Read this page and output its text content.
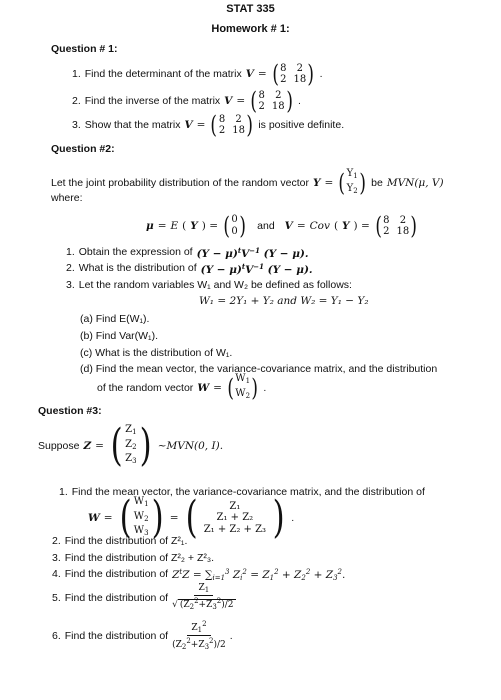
STAT 335
Homework # 1:
Question # 1:
1. Find the determinant of the matrix V = ( 8	2
2 18 ) .
2. Find the inverse of the matrix V = ( 8	2
2 18 ) .
3. Show that the matrix V = ( 8	2
2 18 ) is positive definite.
Question #2:
Let the joint probability distribution of the random vector Y = ( $Y_1$
$Y_2$ ) be MVN(μ, V)
where:
μ = E ( Y ) = ( 0
0 ) and V = Cov ( Y ) = ( 8	2
2 18 )
1. Obtain the expression of $(Y - \mu)^tV^{-1}$ (Y − μ).
2. What is the distribution of $(Y - \mu)^tV^{-1}$ (Y − μ).
3. Let the random variables W₁ and W₂ be defined as follows:
W₁ = 2Y₁ + Y₂ and W₂ = Y₁ − Y₂
(a) Find E(W₁).
(b) Find Var(W₁).
(c) What is the distribution of W₁.
(d) Find the mean vector, the variance-covariance matrix, and the distribution
of the random vector W = ( $W_1$
$W_2$ ) .
Question #3:
Suppose Z = ( $Z_1$
$Z_2$
$Z_3$ ) ~MVN(0, I).
1. Find the mean vector, the variance-covariance matrix, and the distribution of
W = ( $W_1$
$W_2$
$W_3$ ) = (	Z₁
Z₁ + Z₂
Z₁ + Z₂ + Z₃ ) .
2. Find the distribution of Z²₁.
3. Find the distribution of Z²₂ + Z²₃.
4. Find the distribution of $Z^tZ = \sum_{i=1}^3$ $Z_i^2 = Z_1^2 + Z_2^2 + Z_3^2$.
5. Find the distribution of $\frac{Z_1}{√ (Z_2^2+Z_3^2)/2}$
6. Find the distribution of $\frac{Z_1^2}{(Z_2^2+Z_3^2)/2}$ .
